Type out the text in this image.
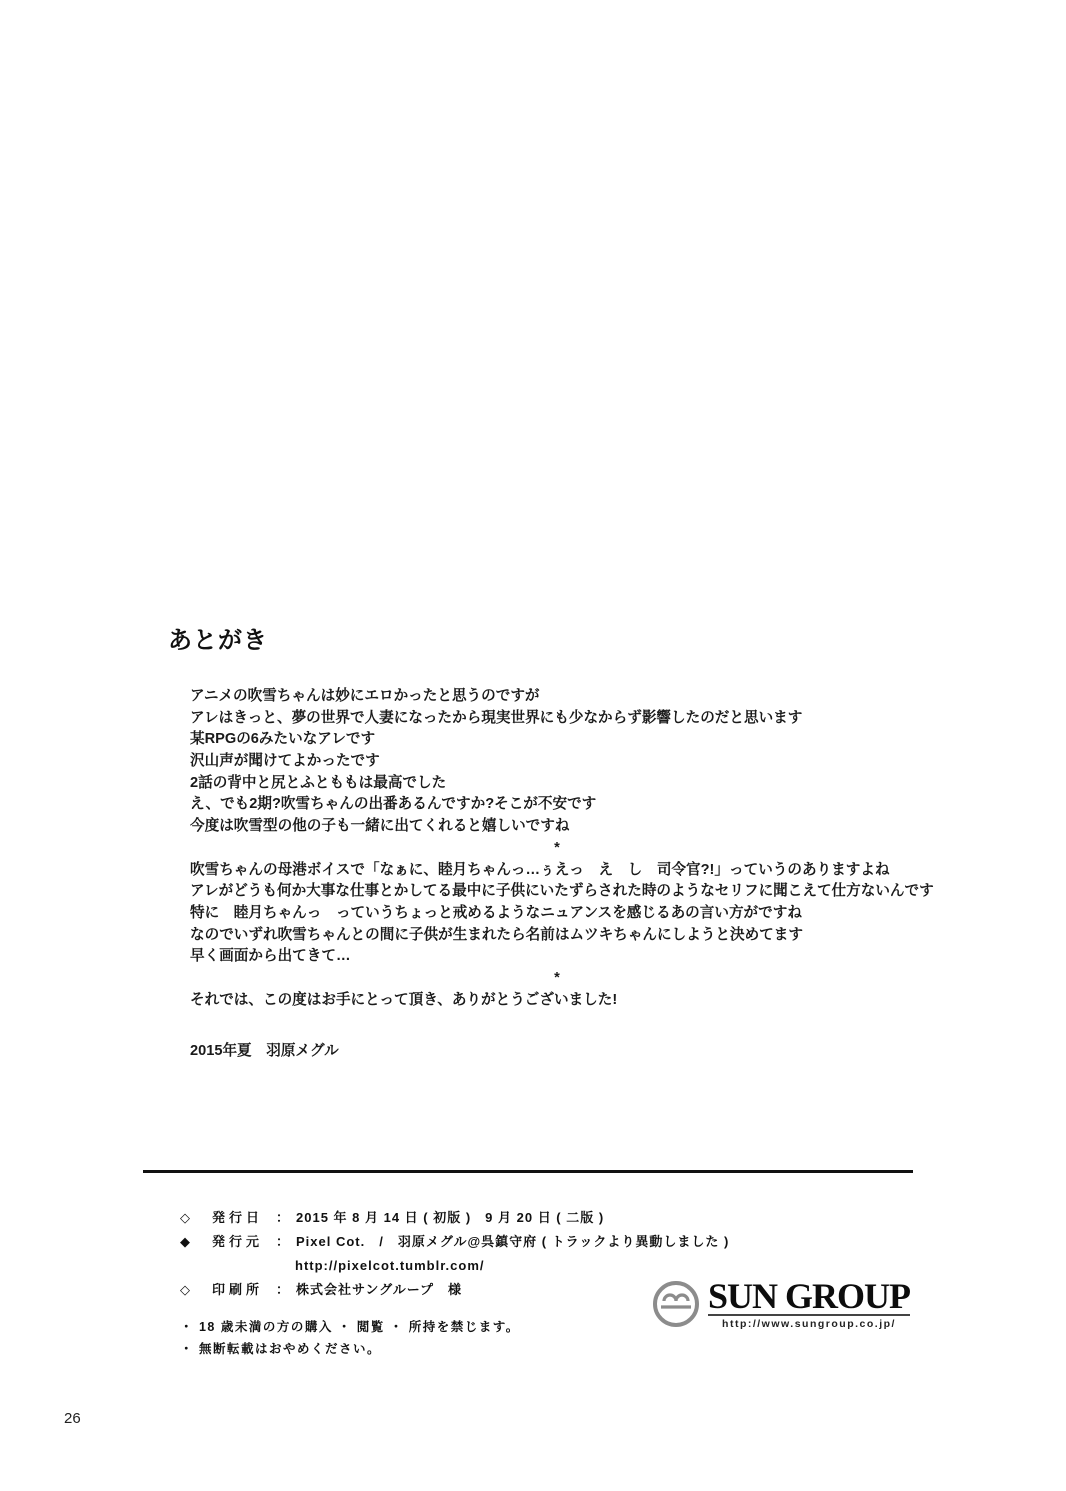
あとがき
アニメの吹雪ちゃんは妙にエロかったと思うのですが
アレはきっと、夢の世界で人妻になったから現実世界にも少なからず影響したのだと思います
某RPGの6みたいなアレです
沢山声が聞けてよかったです
2話の背中と尻とふとももは最高でした
え、でも2期?吹雪ちゃんの出番あるんですか?そこが不安です
今度は吹雪型の他の子も一緒に出てくれると嬉しいですね
*
吹雪ちゃんの母港ボイスで「なぁに、睦月ちゃんっ…ぅえっ　え　し　司令官?!」っていうのありますよね
アレがどうも何か大事な仕事とかしてる最中に子供にいたずらされた時のようなセリフに聞こえて仕方ないんです
特に　睦月ちゃんっ　っていうちょっと戒めるようなニュアンスを感じるあの言い方がですね
なのでいずれ吹雪ちゃんとの間に子供が生まれたら名前はムツキちゃんにしようと決めてます
早く画面から出てきて…
*
それでは、この度はお手にとって頂き、ありがとうございました!
2015年夏　羽原メグル
◇	発行日 ： 2015 年 8 月 14 日 ( 初版 )　9 月 20 日 ( 二版 )
◆	発行元 ： Pixel Cot.　/　羽原メグル@呉鎮守府 ( トラックより異動しました )
http://pixelcot.tumblr.com/
◇	印刷所 ： 株式会社サングループ　様
・ 18 歳未満の方の購入 ・ 閲覧 ・ 所持を禁じます。
・ 無断転載はおやめください。
SUN GROUP
http://www.sungroup.co.jp/
26
